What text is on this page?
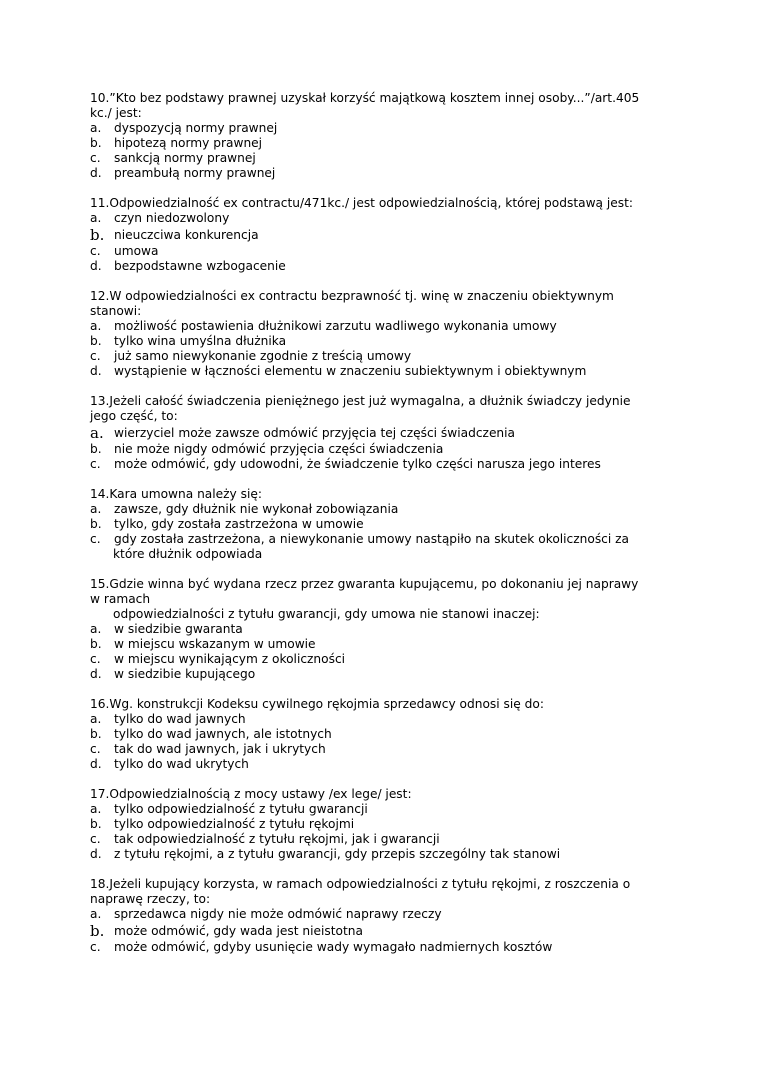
10.”Kto bez podstawy prawnej uzyskał korzyść majątkową kosztem innej osoby...”/art.405
kc./ jest:
a.	dyspozycją normy prawnej
b.	hipotezą normy prawnej
c.	sankcją normy prawnej
d.	preambułą normy prawnej
11.Odpowiedzialność ex contractu/471kc./ jest odpowiedzialnością, której podstawą jest:
a.	czyn niedozwolony
b. nieuczciwa konkurencja
c.	umowa
d.	bezpodstawne wzbogacenie
12.W odpowiedzialności ex contractu bezprawność tj. winę w znaczeniu obiektywnym
stanowi:
a.	możliwość postawienia dłużnikowi zarzutu wadliwego wykonania umowy
b.	tylko wina umyślna dłużnika
c.	już samo niewykonanie zgodnie z treścią umowy
d.	wystąpienie w łączności elementu w znaczeniu subiektywnym i obiektywnym
13.Jeżeli całość świadczenia pieniężnego jest już wymagalna, a dłużnik świadczy jedynie
jego część, to:
a. wierzyciel może zawsze odmówić przyjęcia tej części świadczenia
b.	nie może nigdy odmówić przyjęcia części świadczenia
c.	może odmówić, gdy udowodni, że świadczenie tylko części narusza jego interes
14.Kara umowna należy się:
a.	zawsze, gdy dłużnik nie wykonał zobowiązania
b.	tylko, gdy została zastrzeżona w umowie
c.	gdy została zastrzeżona, a niewykonanie umowy nastąpiło na skutek okoliczności za
które dłużnik odpowiada
15.Gdzie winna być wydana rzecz przez gwaranta kupującemu, po dokonaniu jej naprawy
w ramach
odpowiedzialności z tytułu gwarancji, gdy umowa nie stanowi inaczej:
a.	w siedzibie gwaranta
b.	w miejscu wskazanym w umowie
c.	w miejscu wynikającym z okoliczności
d.	w siedzibie kupującego
16.Wg. konstrukcji Kodeksu cywilnego rękojmia sprzedawcy odnosi się do:
a.	tylko do wad jawnych
b.	tylko do wad jawnych, ale istotnych
c.	tak do wad jawnych, jak i ukrytych
d.	tylko do wad ukrytych
17.Odpowiedzialnością z mocy ustawy /ex lege/ jest:
a.	tylko odpowiedzialność z tytułu gwarancji
b.	tylko odpowiedzialność z tytułu rękojmi
c.	tak odpowiedzialność z tytułu rękojmi, jak i gwarancji
d.	z tytułu rękojmi, a z tytułu gwarancji, gdy przepis szczególny tak stanowi
18.Jeżeli kupujący korzysta, w ramach odpowiedzialności z tytułu rękojmi, z roszczenia o
naprawę rzeczy, to:
a.	sprzedawca nigdy nie może odmówić naprawy rzeczy
b. może odmówić, gdy wada jest nieistotna
c.	może odmówić, gdyby usunięcie wady wymagało nadmiernych kosztów
